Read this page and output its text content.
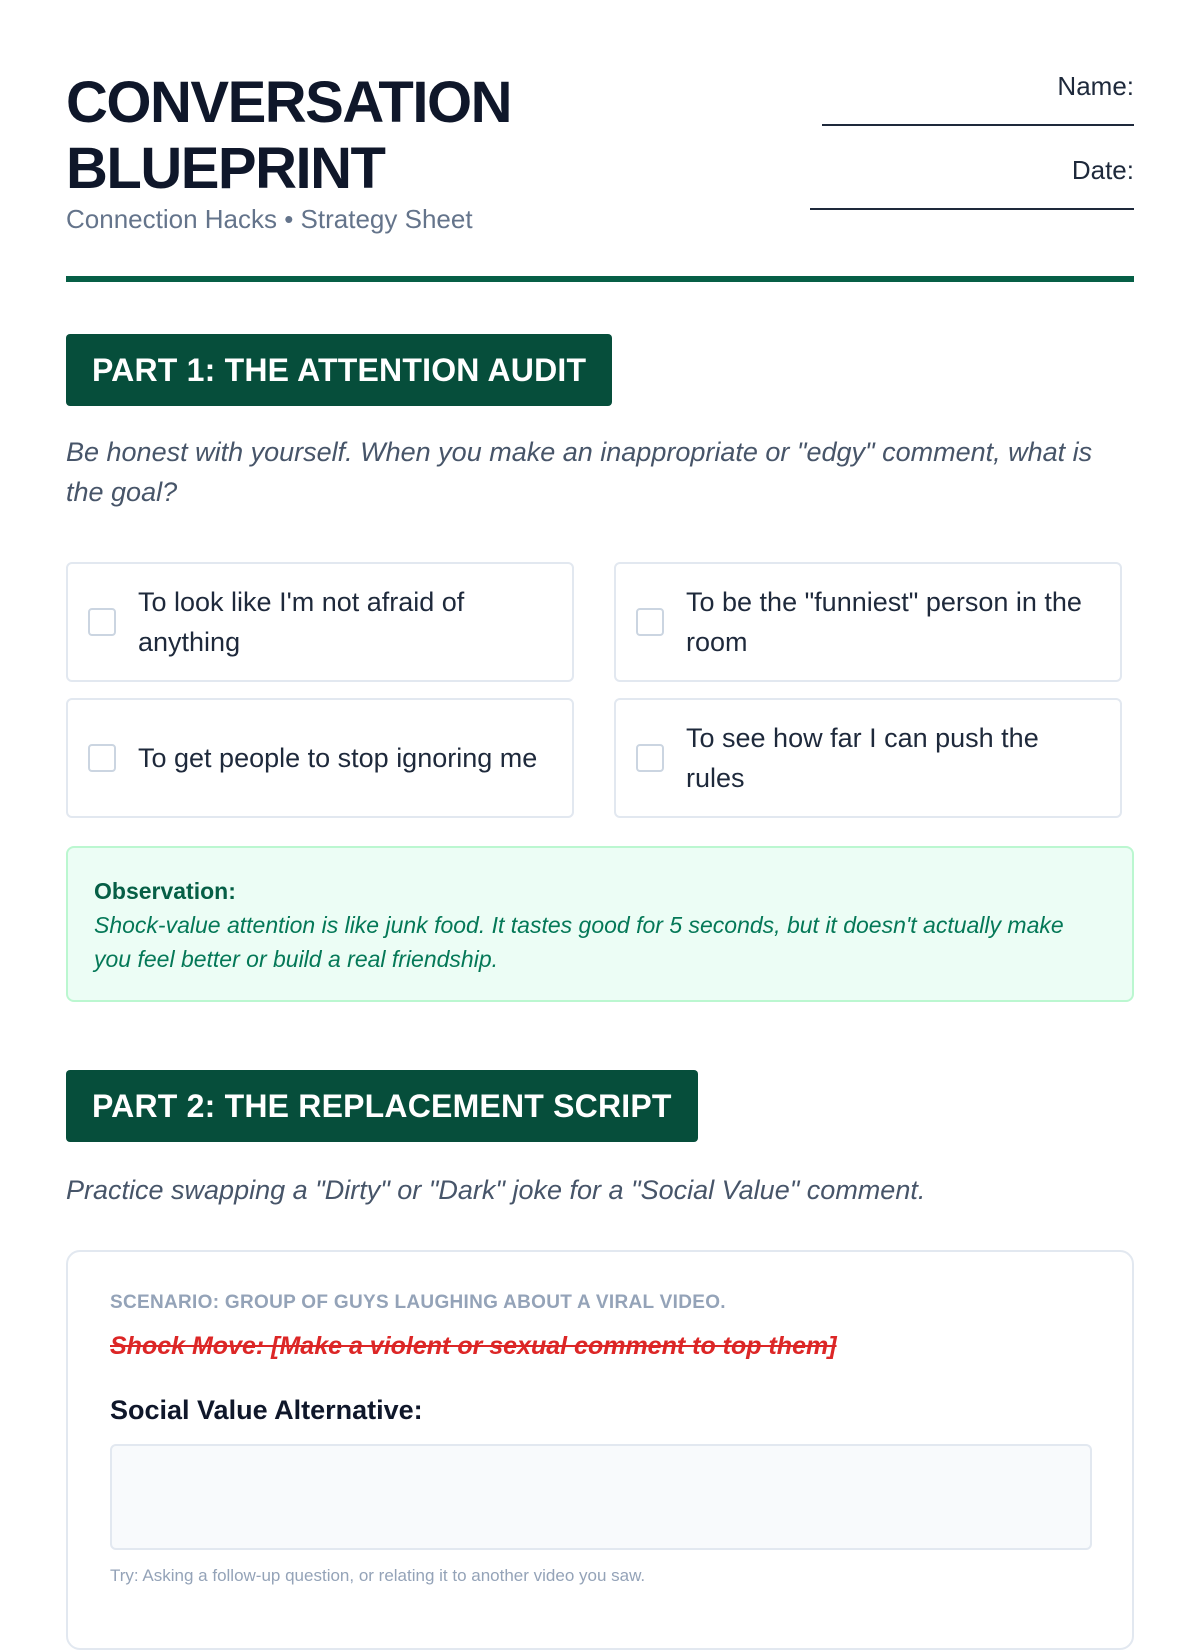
CONVERSATION
BLUEPRINT
Connection Hacks • Strategy Sheet
Name:
Date:
PART 1: THE ATTENTION AUDIT
Be honest with yourself. When you make an inappropriate or "edgy" comment, what is the goal?
To look like I'm not afraid of anything
To be the "funniest" person in the room
To get people to stop ignoring me
To see how far I can push the rules
Observation:
Shock-value attention is like junk food. It tastes good for 5 seconds, but it doesn't actually make you feel better or build a real friendship.
PART 2: THE REPLACEMENT SCRIPT
Practice swapping a "Dirty" or "Dark" joke for a "Social Value" comment.
SCENARIO: GROUP OF GUYS LAUGHING ABOUT A VIRAL VIDEO.
Shock Move: [Make a violent or sexual comment to top them]
Social Value Alternative:
Try: Asking a follow-up question, or relating it to another video you saw.
